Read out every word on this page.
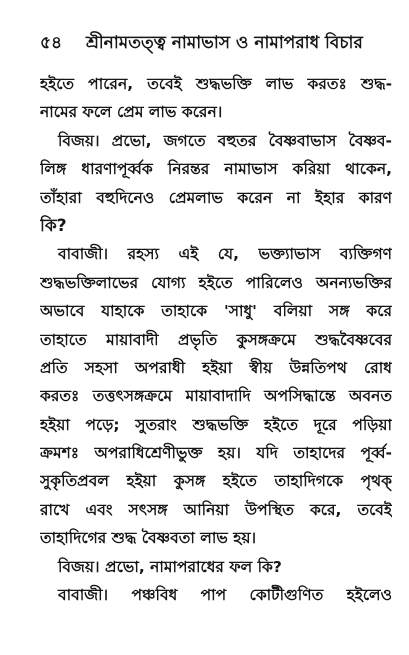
৫৪ শ্রীনামতত্ত্ব নামাভাস ও নামাপরাধ বিচার
হইতে পারেন, তবেই শুদ্ধভক্তি লাভ করতঃ শুদ্ধ-
নামের ফলে প্রেম লাভ করেন।
বিজয়। প্রভো, জগতে বহুতর বৈষ্ণবাভাস বৈষ্ণব-
লিঙ্গ ধারণাপূর্ব্বক নিরন্তর নামাভাস করিয়া থাকেন,
তাঁহারা বহুদিনেও প্রেমলাভ করেন না ইহার কারণ
কি?
বাবাজী। রহস্য এই যে, ভক্ত্যাভাস ব্যক্তিগণ
শুদ্ধভক্তিলাভের যোগ্য হইতে পারিলেও অনন্যভক্তির
অভাবে যাহাকে তাহাকে 'সাধু' বলিয়া সঙ্গ করে
তাহাতে মায়াবাদী প্রভৃতি কুসঙ্গক্রমে শুদ্ধবৈষ্ণবের
প্রতি সহসা অপরাধী হইয়া স্বীয় উন্নতিপথ রোধ
করতঃ তত্তৎসঙ্গক্রমে মায়াবাদাদি অপসিদ্ধান্তে অবনত
হইয়া পড়ে; সুতরাং শুদ্ধভক্তি হইতে দূরে পড়িয়া
ক্রমশঃ অপরাধিশ্রেণীভুক্ত হয়। যদি তাহাদের পূর্ব্ব-
সুকৃতিপ্রবল হইয়া কুসঙ্গ হইতে তাহাদিগকে পৃথক্
রাখে এবং সৎসঙ্গ আনিয়া উপস্থিত করে, তবেই
তাহাদিগের শুদ্ধ বৈষ্ণবতা লাভ হয়।
বিজয়। প্রভো, নামাপরাধের ফল কি?
বাবাজী। পঞ্চবিধ পাপ কোটীগুণিত হইলেও
